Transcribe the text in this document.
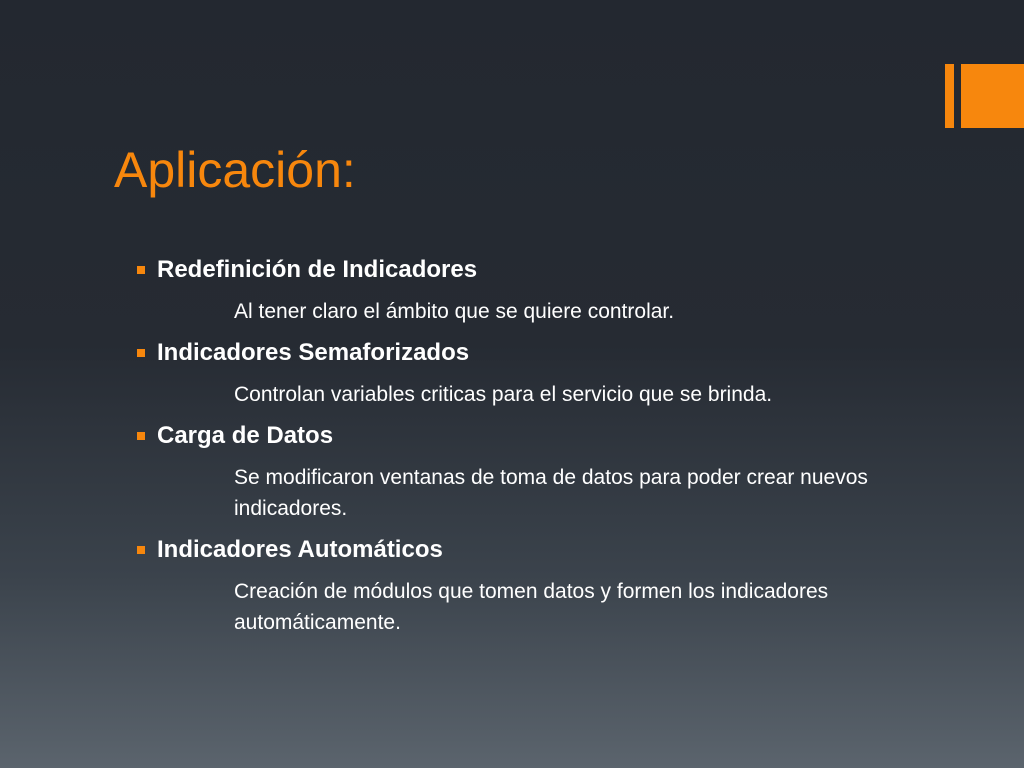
Aplicación:
Redefinición de Indicadores
Al tener claro el ámbito que se quiere controlar.
Indicadores Semaforizados
Controlan variables criticas para el servicio que se brinda.
Carga de Datos
Se modificaron ventanas de toma de datos para poder crear nuevos indicadores.
Indicadores Automáticos
Creación de módulos que tomen datos y formen los indicadores automáticamente.
